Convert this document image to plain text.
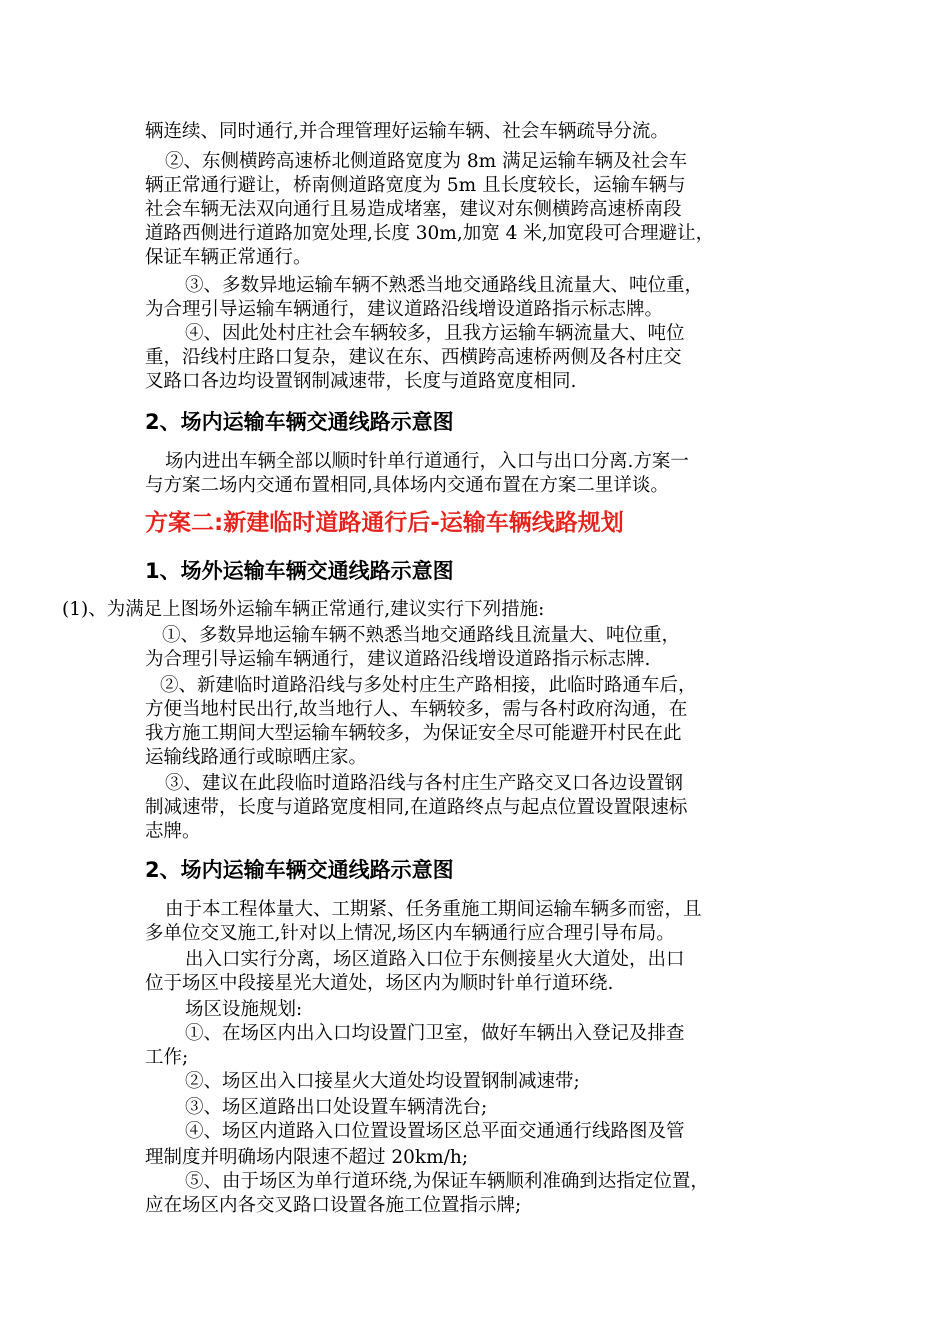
辆连续、同时通行,并合理管理好运输车辆、社会车辆疏导分流。
②、东侧横跨高速桥北侧道路宽度为 8m 满足运输车辆及社会车
辆正常通行避让，桥南侧道路宽度为 5m 且长度较长，运输车辆与
社会车辆无法双向通行且易造成堵塞，建议对东侧横跨高速桥南段
道路西侧进行道路加宽处理,长度 30m,加宽 4 米,加宽段可合理避让，
保证车辆正常通行。
③、多数异地运输车辆不熟悉当地交通路线且流量大、吨位重，
为合理引导运输车辆通行，建议道路沿线增设道路指示标志牌。
④、因此处村庄社会车辆较多，且我方运输车辆流量大、吨位
重，沿线村庄路口复杂，建议在东、西横跨高速桥两侧及各村庄交
叉路口各边均设置钢制减速带，长度与道路宽度相同.
2、场内运输车辆交通线路示意图
场内进出车辆全部以顺时针单行道通行，入口与出口分离.方案一
与方案二场内交通布置相同,具体场内交通布置在方案二里详谈。
方案二:新建临时道路通行后-运输车辆线路规划
1、场外运输车辆交通线路示意图
(1)、为满足上图场外运输车辆正常通行,建议实行下列措施:
①、多数异地运输车辆不熟悉当地交通路线且流量大、吨位重，
为合理引导运输车辆通行，建议道路沿线增设道路指示标志牌.
②、新建临时道路沿线与多处村庄生产路相接，此临时路通车后，
方便当地村民出行,故当地行人、车辆较多，需与各村政府沟通，在
我方施工期间大型运输车辆较多，为保证安全尽可能避开村民在此
运输线路通行或晾晒庄家。
③、建议在此段临时道路沿线与各村庄生产路交叉口各边设置钢
制减速带，长度与道路宽度相同,在道路终点与起点位置设置限速标
志牌。
2、场内运输车辆交通线路示意图
由于本工程体量大、工期紧、任务重施工期间运输车辆多而密，且
多单位交叉施工,针对以上情况,场区内车辆通行应合理引导布局。
出入口实行分离，场区道路入口位于东侧接星火大道处，出口
位于场区中段接星光大道处，场区内为顺时针单行道环绕.
场区设施规划:
①、在场区内出入口均设置门卫室，做好车辆出入登记及排查
工作;
②、场区出入口接星火大道处均设置钢制减速带;
③、场区道路出口处设置车辆清洗台;
④、场区内道路入口位置设置场区总平面交通通行线路图及管
理制度并明确场内限速不超过 20km/h;
⑤、由于场区为单行道环绕,为保证车辆顺利准确到达指定位置，
应在场区内各交叉路口设置各施工位置指示牌;
